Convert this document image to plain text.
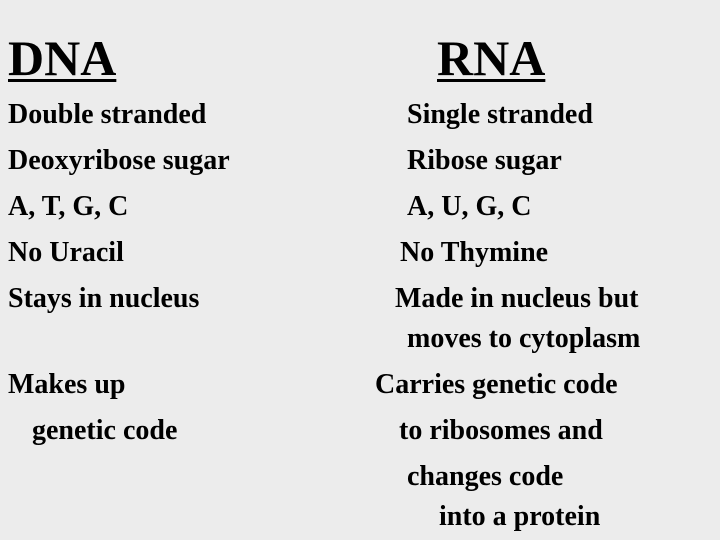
DNA	RNA
Double stranded
Deoxyribose sugar
A, T, G, C
No Uracil
Stays in nucleus
Makes up
genetic code
Single stranded
Ribose sugar
A, U, G, C
No Thymine
Made in nucleus but
moves to cytoplasm
Carries genetic code
to ribosomes and
changes code
into a protein
